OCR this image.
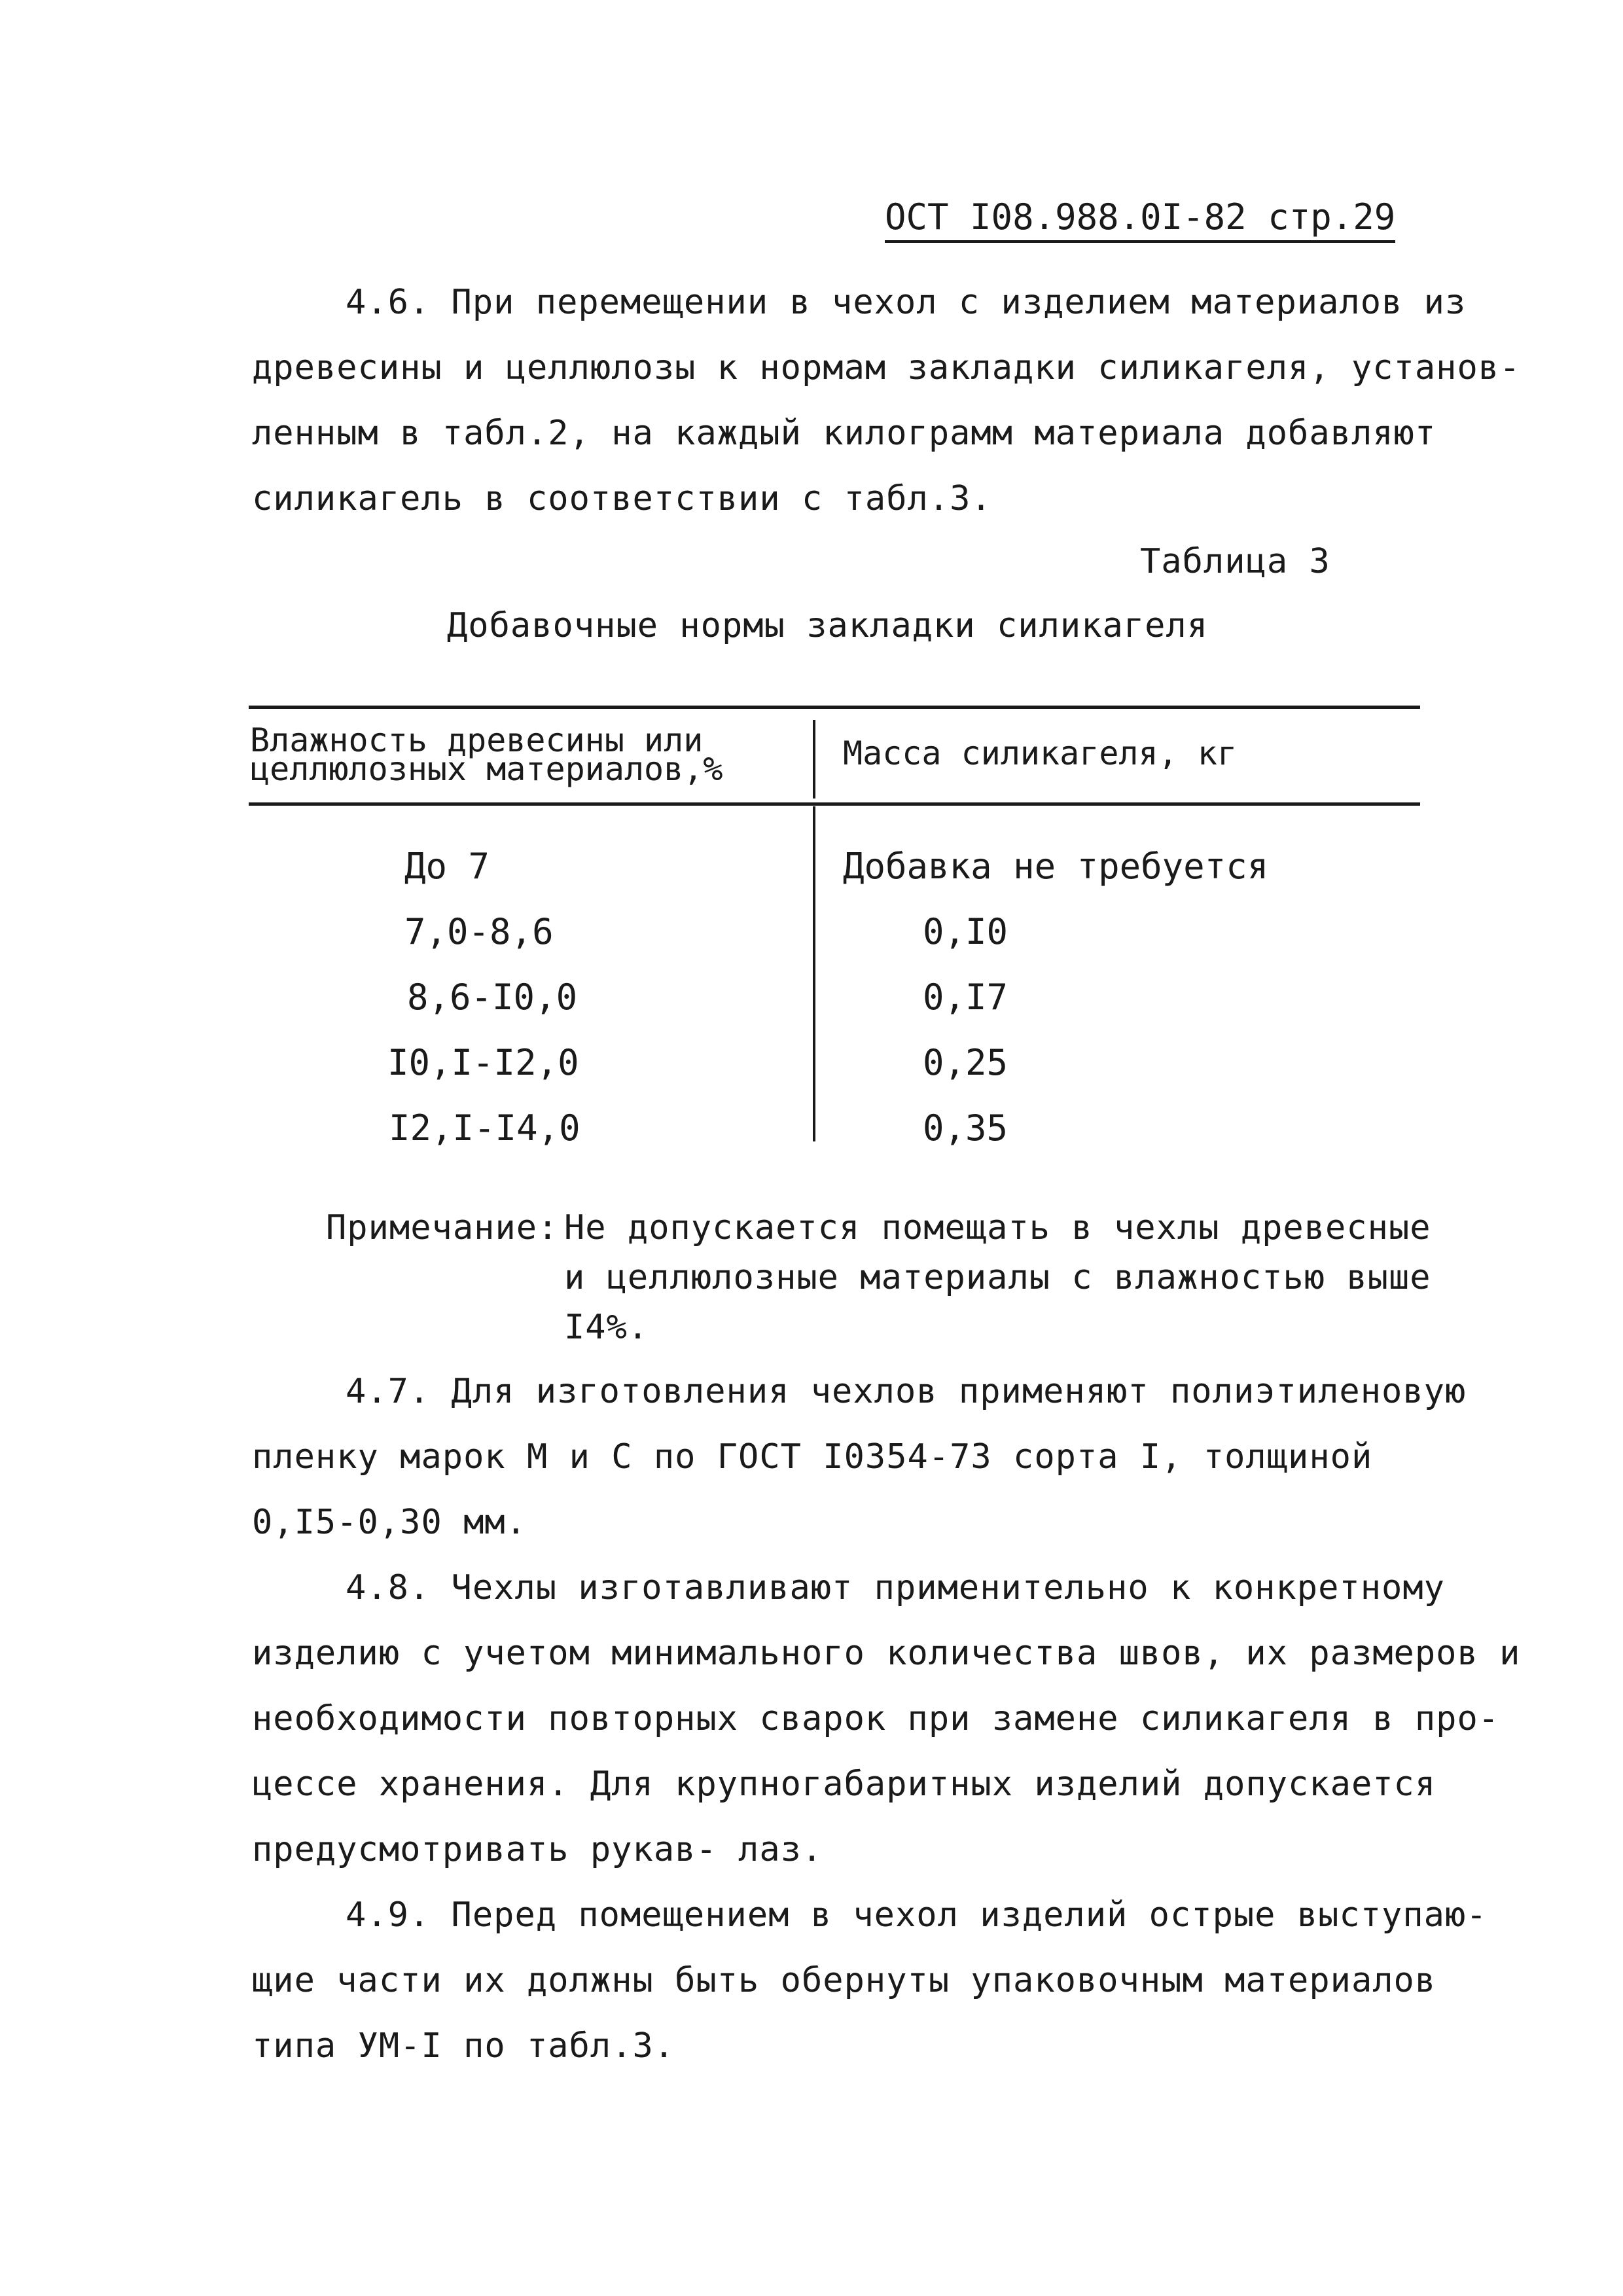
ОСТ I08.988.0I-82 стр.29
4.6. При перемещении в чехол с изделием материалов из
древесины и целлюлозы к нормам закладки силикагеля, установ-
ленным в табл.2, на каждый килограмм материала добавляют
силикагель в соответствии с табл.3.
Таблица 3
Добавочные нормы закладки силикагеля
Влажность древесины или
целлюлозных материалов,%	Масса силикагеля, кг
До 7	Добавка не требуется
7,0-8,6	0,I0
8,6-I0,0	0,I7
I0,I-I2,0	0,25
I2,I-I4,0	0,35
Примечание: Не допускается помещать в чехлы древесные
и целлюлозные материалы с влажностью выше
I4%.
4.7. Для изготовления чехлов применяют полиэтиленовую
пленку марок М и С по ГОСТ I0354-73 сорта I, толщиной
0,I5-0,30 мм.
4.8. Чехлы изготавливают применительно к конкретному
изделию с учетом минимального количества швов, их размеров и
необходимости повторных сварок при замене силикагеля в про-
цессе хранения. Для крупногабаритных изделий допускается
предусмотривать рукав- лаз.
4.9. Перед помещением в чехол изделий острые выступаю-
щие части их должны быть обернуты упаковочным материалов
типа УМ-I по табл.3.
